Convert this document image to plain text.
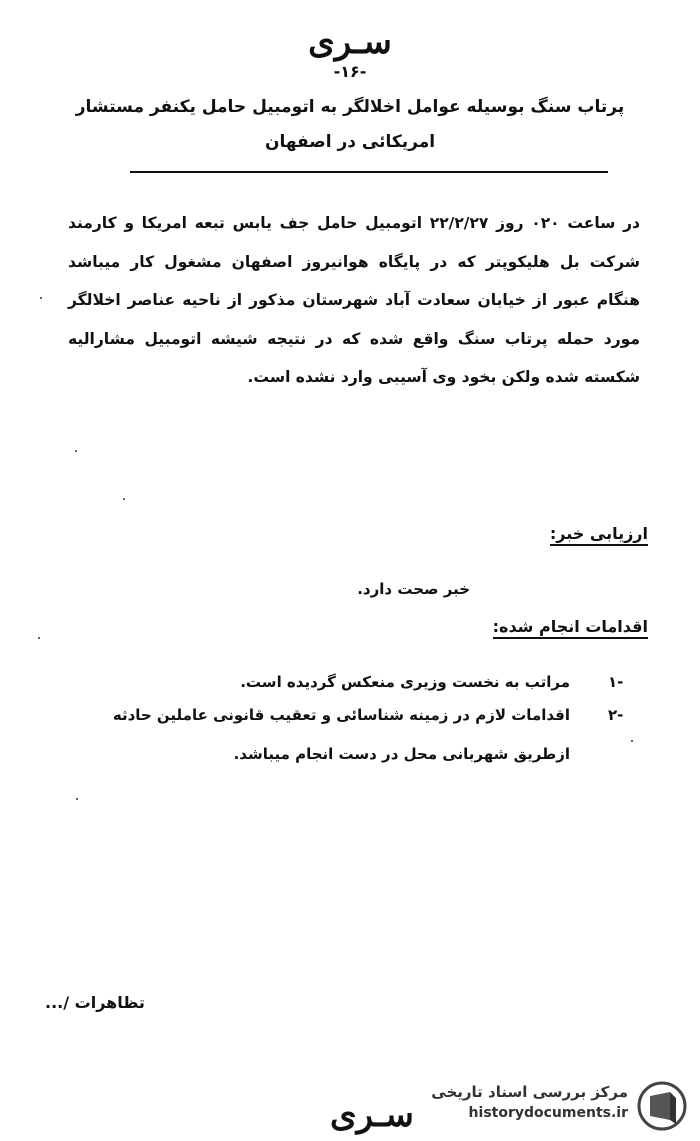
سـری
-۱۶-
پرتاب سنگ بوسیله عوامل اخلالگر به اتومبیل حامل یکنفر مستشار
امریکائی در اصفهان
در ساعت ۰۲۰ روز ۲۲/۲/۲۷ اتومبیل حامل جف یابس تبعه امریکا و کارمند شرکت بل هلیکوپتر که در پایگاه هوانیروز اصفهان مشغول کار میباشد هنگام عبور از خیابان سعادت آباد شهرستان مذکور از ناحیه عناصر اخلالگر مورد حمله پرتاب سنگ واقع شده که در نتیجه شیشه اتومبیل مشارالیه شکسته شده ولکن بخود وی آسیبی وارد نشده است.
ارزیابی خبر:
خبر صحت دارد.
اقدامات انجام شده:
۱-
مراتب به نخست وزیری منعکس گردیده است.
۲-
اقدامات لازم در زمینه شناسائی و تعقیب قانونی عاملین حادثه
ازطریق شهربانی محل در دست انجام میباشد.
تظاهرات /...
سـری
مرکز بررسی اسناد تاریخی
historydocuments.ir
